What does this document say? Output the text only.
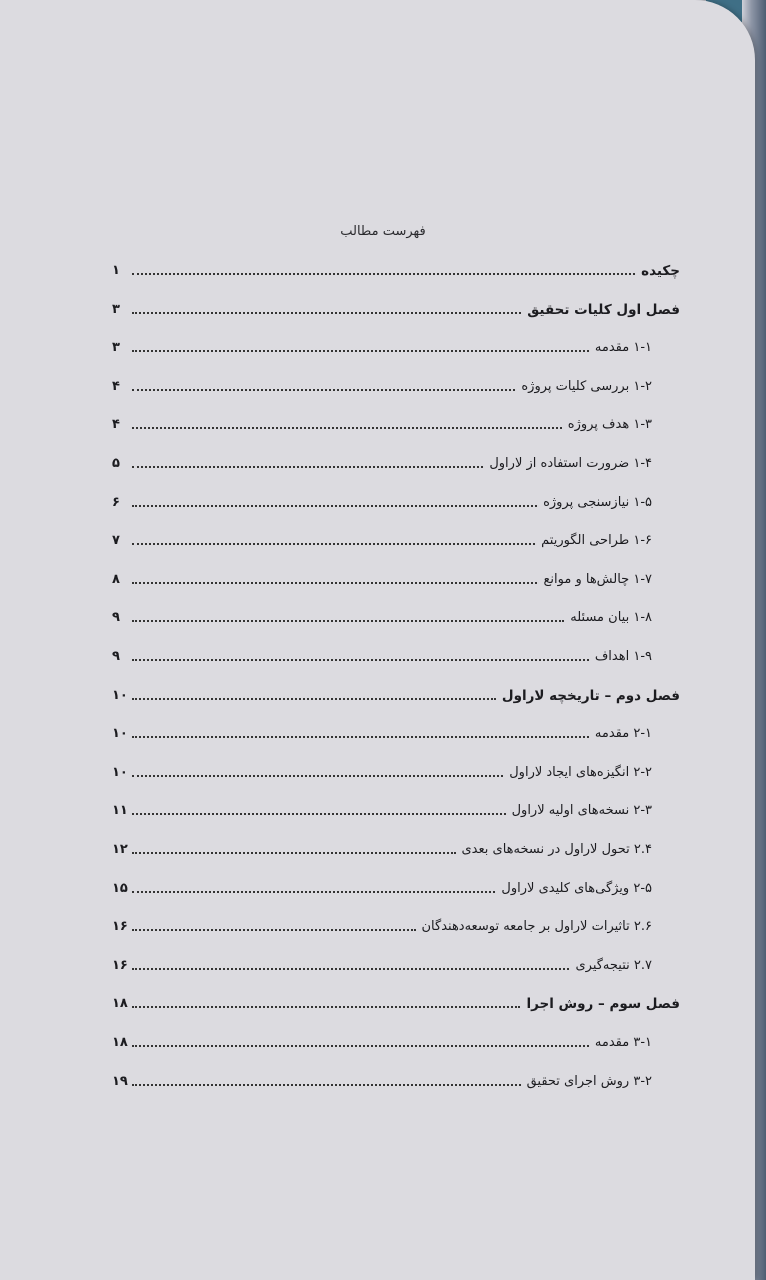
فهرست مطالب
چکیده
۱
فصل اول کلیات تحقیق
۳
۱-۱ مقدمه
۳
۱-۲ بررسی کلیات پروژه
۴
۱-۳ هدف پروژه
۴
۱-۴ ضرورت استفاده از لاراول
۵
۱-۵ نیازسنجی پروژه
۶
۱-۶ طراحی الگوریتم
۷
۱-۷ چالش‌ها و موانع
۸
۱-۸ بیان مسئله
۹
۱-۹ اهداف
۹
فصل دوم – تاریخچه لاراول
۱۰
۲-۱ مقدمه
۱۰
۲-۲ انگیزه‌های ایجاد لاراول
۱۰
۲-۳ نسخه‌های اولیه لاراول
۱۱
۲.۴ تحول لاراول در نسخه‌های بعدی
۱۲
۲-۵ ویژگی‌های کلیدی لاراول
۱۵
۲.۶ تاثیرات لاراول بر جامعه توسعه‌دهندگان
۱۶
۲.۷ نتیجه‌گیری
۱۶
فصل سوم – روش اجرا
۱۸
۳-۱ مقدمه
۱۸
۳-۲ روش اجرای تحقیق
۱۹
